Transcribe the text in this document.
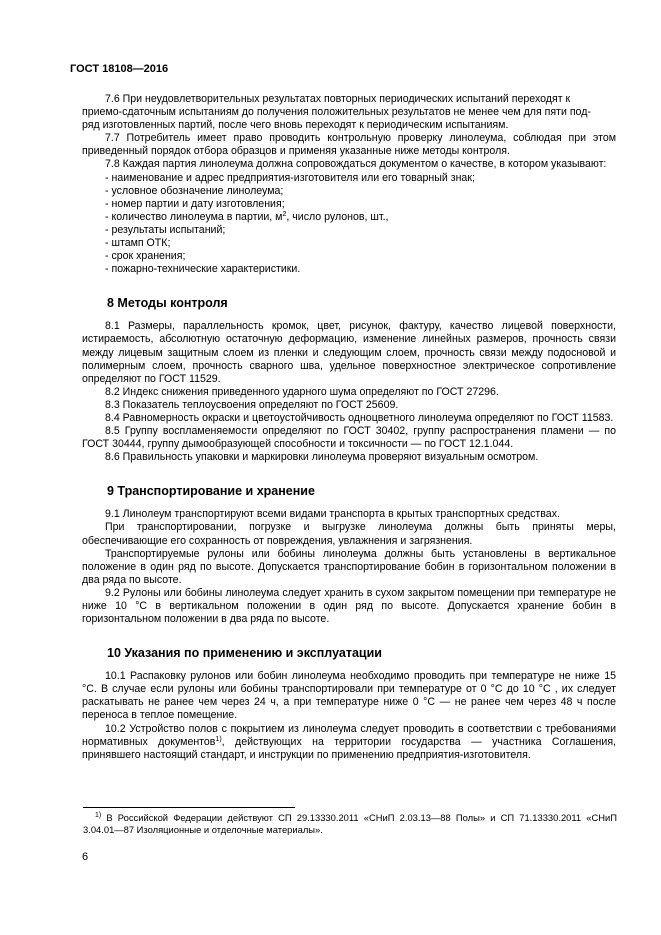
ГОСТ 18108—2016

7.6 При неудовлетворительных результатах повторных периодических испытаний переходят к

приемо-сдаточным испытаниям до получения положительных результатов не менее чем для пяти под-

ряд изготовленных партий, после чего вновь переходят к периодическим испытаниям.

7.7 Потребитель имеет право проводить контрольную проверку линолеума, соблюдая при этом приведенный порядок отбора образцов и применяя указанные ниже методы контроля.

7.8 Каждая партия линолеума должна сопровождаться документом о качестве, в котором указывают:

- наименование и адрес предприятия-изготовителя или его товарный знак;

- условное обозначение линолеума;

- номер партии и дату изготовления;

- количество линолеума в партии, $м^2$, число рулонов, шт.,

- результаты испытаний;

- штамп ОТК;

- срок хранения;

- пожарно-технические характеристики.

8 Методы контроля

8.1 Размеры, параллельность кромок, цвет, рисунок, фактуру, качество лицевой поверхности, истираемость, абсолютную остаточную деформацию, изменение линейных размеров, прочность связи между лицевым защитным слоем из пленки и следующим слоем, прочность связи между подосновой и полимерным слоем, прочность сварного шва, удельное поверхностное электрическое сопротивление определяют по ГОСТ 11529.

8.2 Индекс снижения приведенного ударного шума определяют по ГОСТ 27296.

8.3 Показатель теплоусвоения определяют по ГОСТ 25609.

8.4 Равномерность окраски и цветоустойчивость одноцветного линолеума определяют по ГОСТ 11583.

8.5 Группу воспламеняемости определяют по ГОСТ 30402, группу распространения пламени — по ГОСТ 30444, группу дымообразующей способности и токсичности — по ГОСТ 12.1.044.

8.6 Правильность упаковки и маркировки линолеума проверяют визуальным осмотром.

9 Транспортирование и хранение

9.1 Линолеум транспортируют всеми видами транспорта в крытых транспортных средствах.

При транспортировании, погрузке и выгрузке линолеума должны быть приняты меры, обеспечивающие его сохранность от повреждения, увлажнения и загрязнения.

Транспортируемые рулоны или бобины линолеума должны быть установлены в вертикальное положение в один ряд по высоте. Допускается транспортирование бобин в горизонтальном положении в два ряда по высоте.

9.2 Рулоны или бобины линолеума следует хранить в сухом закрытом помещении при температуре не ниже 10 °С в вертикальном положении в один ряд по высоте. Допускается хранение бобин в горизонтальном положении в два ряда по высоте.

10 Указания по применению и эксплуатации

10.1 Распаковку рулонов или бобин линолеума необходимо проводить при температуре не ниже 15 °С. В случае если рулоны или бобины транспортировали при температуре от 0 °С до 10 °С , их следует раскатывать не ранее чем через 24 ч, а при температуре ниже 0 °С — не ранее чем через 48 ч после переноса в теплое помещение.

10.2 Устройство полов с покрытием из линолеума следует проводить в соответствии с требованиями нормативных документов$^{1)}$, действующих на территории государства — участника Соглашения, принявшего настоящий стандарт, и инструкции по применению предприятия-изготовителя.

$^{1)}$ В Российской Федерации действуют СП 29.13330.2011 «СНиП 2.03.13—88 Полы» и СП 71.13330.2011 «СНиП 3.04.01—87 Изоляционные и отделочные материалы».

6
